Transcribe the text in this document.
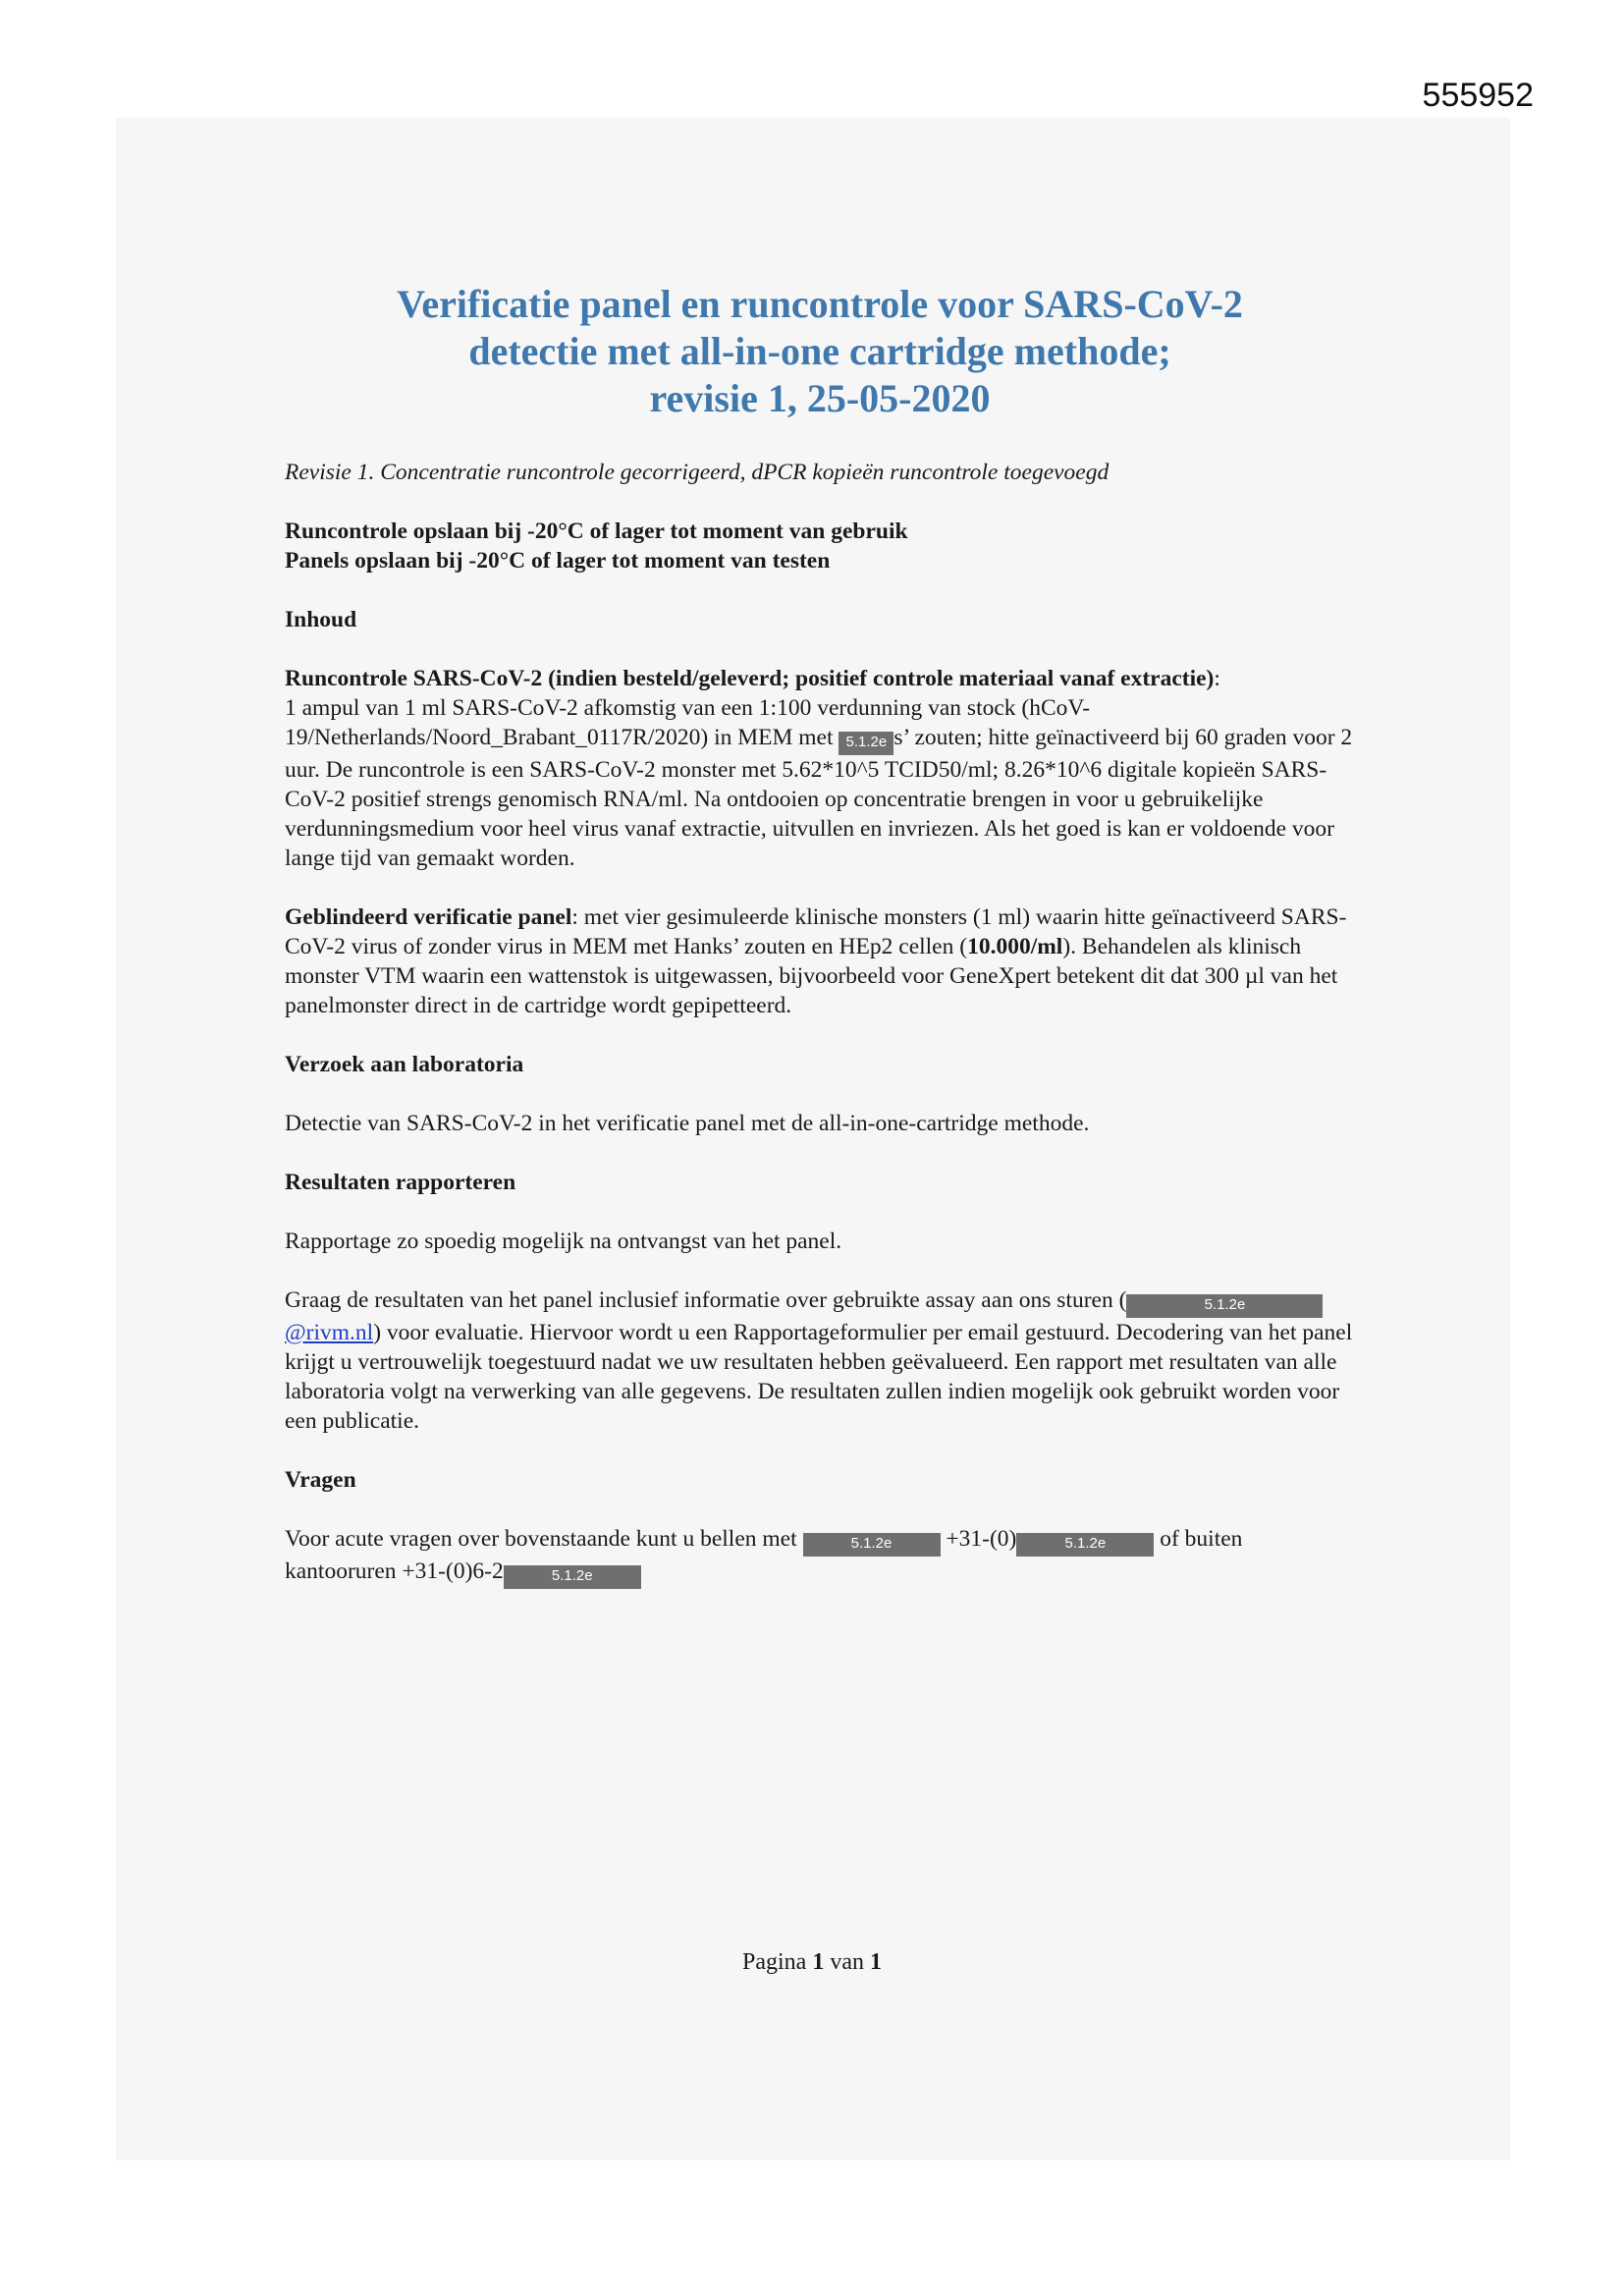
555952
Verificatie panel en runcontrole voor SARS-CoV-2
detectie met all-in-one cartridge methode;
revisie 1, 25-05-2020
Revisie 1. Concentratie runcontrole gecorrigeerd, dPCR kopieën runcontrole toegevoegd
Runcontrole opslaan bij -20°C of lager tot moment van gebruik
Panels opslaan bij -20°C of lager tot moment van testen
Inhoud

Runcontrole SARS-CoV-2 (indien besteld/geleverd; positief controle materiaal vanaf extractie):
1 ampul van 1 ml SARS-CoV-2 afkomstig van een 1:100 verdunning van stock (hCoV-19/Netherlands/Noord_Brabant_0117R/2020) in MEM met 5.1.2e s’ zouten; hitte geïnactiveerd bij 60 graden voor 2 uur. De runcontrole is een SARS-CoV-2 monster met 5.62*10^5 TCID50/ml; 8.26*10^6 digitale kopieën SARS-CoV-2 positief strengs genomisch RNA/ml. Na ontdooien op concentratie brengen in voor u gebruikelijke verdunningsmedium voor heel virus vanaf extractie, uitvullen en invriezen. Als het goed is kan er voldoende voor lange tijd van gemaakt worden.

Geblindeerd verificatie panel: met vier gesimuleerde klinische monsters (1 ml) waarin hitte geïnactiveerd SARS-CoV-2 virus of zonder virus in MEM met Hanks’ zouten en HEp2 cellen (10.000/ml). Behandelen als klinisch monster VTM waarin een wattenstok is uitgewassen, bijvoorbeeld voor GeneXpert betekent dit dat 300 µl van het panelmonster direct in de cartridge wordt gepipetteerd.

Verzoek aan laboratoria

Detectie van SARS-CoV-2 in het verificatie panel met de all-in-one-cartridge methode.

Resultaten rapporteren

Rapportage zo spoedig mogelijk na ontvangst van het panel.

Graag de resultaten van het panel inclusief informatie over gebruikte assay aan ons sturen (	5.1.2e@rivm.nl) voor evaluatie. Hiervoor wordt u een Rapportageformulier per email gestuurd. Decodering van het panel krijgt u vertrouwelijk toegestuurd nadat we uw resultaten hebben geëvalueerd. Een rapport met resultaten van alle laboratoria volgt na verwerking van alle gegevens. De resultaten zullen indien mogelijk ook gebruikt worden voor een publicatie.

Vragen

Voor acute vragen over bovenstaande kunt u bellen met	5.1.2e +31-(0)	5.1.2e of buiten kantooruren +31-(0)6-2	5.1.2e

Pagina 1 van 1
